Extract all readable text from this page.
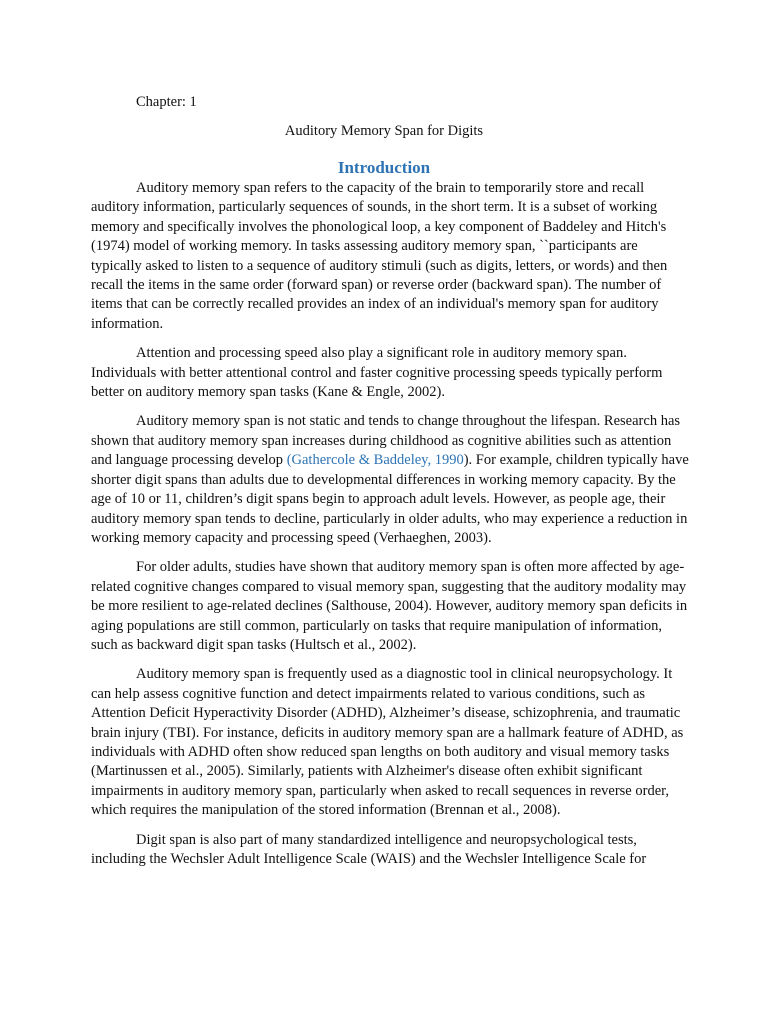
Chapter: 1
Auditory Memory Span for Digits
Introduction

Auditory memory span refers to the capacity of the brain to temporarily store and recall auditory information, particularly sequences of sounds, in the short term. It is a subset of working memory and specifically involves the phonological loop, a key component of Baddeley and Hitch's (1974) model of working memory. In tasks assessing auditory memory span, ``participants are typically asked to listen to a sequence of auditory stimuli (such as digits, letters, or words) and then recall the items in the same order (forward span) or reverse order (backward span). The number of items that can be correctly recalled provides an index of an individual's memory span for auditory information.

Attention and processing speed also play a significant role in auditory memory span. Individuals with better attentional control and faster cognitive processing speeds typically perform better on auditory memory span tasks (Kane & Engle, 2002).

Auditory memory span is not static and tends to change throughout the lifespan. Research has shown that auditory memory span increases during childhood as cognitive abilities such as attention and language processing develop (Gathercole & Baddeley, 1990). For example, children typically have shorter digit spans than adults due to developmental differences in working memory capacity. By the age of 10 or 11, children’s digit spans begin to approach adult levels. However, as people age, their auditory memory span tends to decline, particularly in older adults, who may experience a reduction in working memory capacity and processing speed (Verhaeghen, 2003).

For older adults, studies have shown that auditory memory span is often more affected by age-related cognitive changes compared to visual memory span, suggesting that the auditory modality may be more resilient to age-related declines (Salthouse, 2004). However, auditory memory span deficits in aging populations are still common, particularly on tasks that require manipulation of information, such as backward digit span tasks (Hultsch et al., 2002).

Auditory memory span is frequently used as a diagnostic tool in clinical neuropsychology. It can help assess cognitive function and detect impairments related to various conditions, such as Attention Deficit Hyperactivity Disorder (ADHD), Alzheimer’s disease, schizophrenia, and traumatic brain injury (TBI). For instance, deficits in auditory memory span are a hallmark feature of ADHD, as individuals with ADHD often show reduced span lengths on both auditory and visual memory tasks (Martinussen et al., 2005). Similarly, patients with Alzheimer's disease often exhibit significant impairments in auditory memory span, particularly when asked to recall sequences in reverse order, which requires the manipulation of the stored information (Brennan et al., 2008).

Digit span is also part of many standardized intelligence and neuropsychological tests, including the Wechsler Adult Intelligence Scale (WAIS) and the Wechsler Intelligence Scale for
